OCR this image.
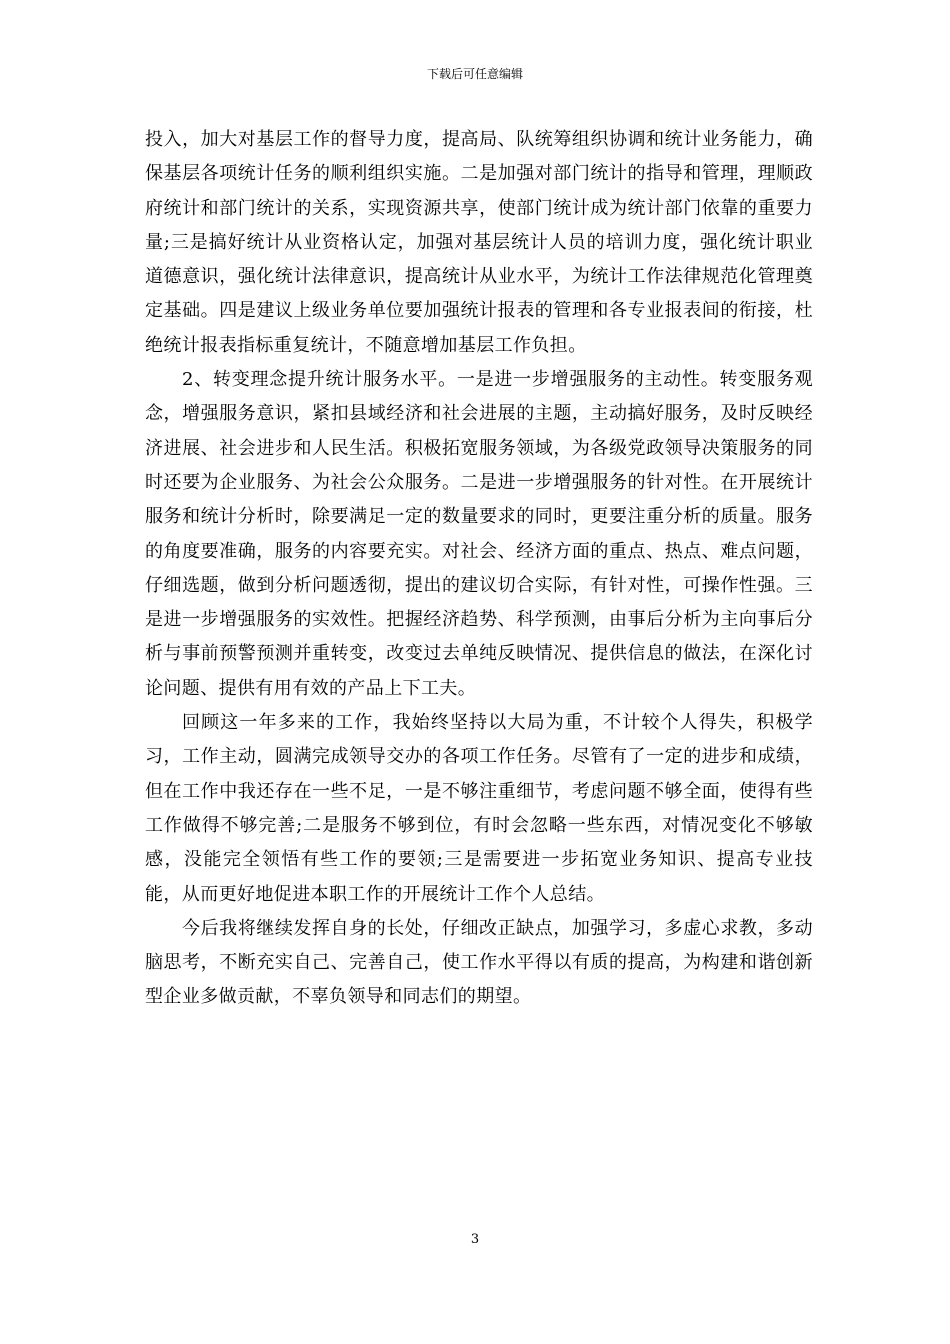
下载后可任意编辑

投入，加大对基层工作的督导力度，提高局、队统筹组织协调和统计业务能力，确保基层各项统计任务的顺利组织实施。二是加强对部门统计的指导和管理，理顺政府统计和部门统计的关系，实现资源共享，使部门统计成为统计部门依靠的重要力量;三是搞好统计从业资格认定，加强对基层统计人员的培训力度，强化统计职业道德意识，强化统计法律意识，提高统计从业水平，为统计工作法律规范化管理奠定基础。四是建议上级业务单位要加强统计报表的管理和各专业报表间的衔接，杜绝统计报表指标重复统计，不随意增加基层工作负担。

2、转变理念提升统计服务水平。一是进一步增强服务的主动性。转变服务观念，增强服务意识，紧扣县域经济和社会进展的主题，主动搞好服务，及时反映经济进展、社会进步和人民生活。积极拓宽服务领域，为各级党政领导决策服务的同时还要为企业服务、为社会公众服务。二是进一步增强服务的针对性。在开展统计服务和统计分析时，除要满足一定的数量要求的同时，更要注重分析的质量。服务的角度要准确，服务的内容要充实。对社会、经济方面的重点、热点、难点问题，仔细选题，做到分析问题透彻，提出的建议切合实际，有针对性，可操作性强。三是进一步增强服务的实效性。把握经济趋势、科学预测，由事后分析为主向事后分析与事前预警预测并重转变，改变过去单纯反映情况、提供信息的做法，在深化讨论问题、提供有用有效的产品上下工夫。

回顾这一年多来的工作，我始终坚持以大局为重，不计较个人得失，积极学习，工作主动，圆满完成领导交办的各项工作任务。尽管有了一定的进步和成绩，但在工作中我还存在一些不足，一是不够注重细节，考虑问题不够全面，使得有些工作做得不够完善;二是服务不够到位，有时会忽略一些东西，对情况变化不够敏感，没能完全领悟有些工作的要领;三是需要进一步拓宽业务知识、提高专业技能，从而更好地促进本职工作的开展统计工作个人总结。

今后我将继续发挥自身的长处，仔细改正缺点，加强学习，多虚心求教，多动脑思考，不断充实自己、完善自己，使工作水平得以有质的提高，为构建和谐创新型企业多做贡献，不辜负领导和同志们的期望。

3
